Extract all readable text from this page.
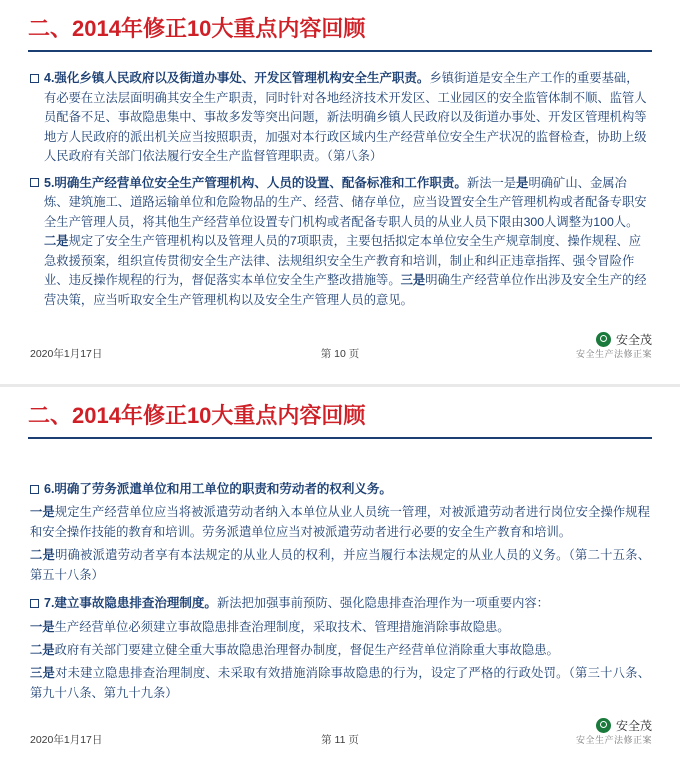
二、2014年修正10大重点内容回顾
4.强化乡镇人民政府以及街道办事处、开发区管理机构安全生产职责。乡镇街道是安全生产工作的重要基础，有必要在立法层面明确其安全生产职责，同时针对各地经济技术开发区、工业园区的安全监管体制不顺、监管人员配备不足、事故隐患集中、事故多发等突出问题，新法明确乡镇人民政府以及街道办事处、开发区管理机构等地方人民政府的派出机关应当按照职责，加强对本行政区域内生产经营单位安全生产状况的监督检查，协助上级人民政府有关部门依法履行安全生产监督管理职责。（第八条）
5.明确生产经营单位安全生产管理机构、人员的设置、配备标准和工作职责。新法一是是明确矿山、金属冶炼、建筑施工、道路运输单位和危险物品的生产、经营、储存单位，应当设置安全生产管理机构或者配备专职安全生产管理人员，将其他生产经营单位设置专门机构或者配备专职人员的从业人员下限由300人调整为100人。二是规定了安全生产管理机构以及管理人员的7项职责，主要包括拟定本单位安全生产规章制度、操作规程、应急救援预案，组织宣传贯彻安全生产法律、法规组织安全生产教育和培训，制止和纠正违章指挥、强令冒险作业、违反操作规程的行为，督促落实本单位安全生产整改措施等。三是明确生产经营单位作出涉及安全生产的经营决策，应当听取安全生产管理机构以及安全生产管理人员的意见。
2020年1月17日	第 10 页
安全茂
安全生产法修正案
二、2014年修正10大重点内容回顾
6.明确了劳务派遣单位和用工单位的职责和劳动者的权利义务。
一是规定生产经营单位应当将被派遣劳动者纳入本单位从业人员统一管理，对被派遣劳动者进行岗位安全操作规程和安全操作技能的教育和培训。劳务派遣单位应当对被派遣劳动者进行必要的安全生产教育和培训。
二是明确被派遣劳动者享有本法规定的从业人员的权利，并应当履行本法规定的从业人员的义务。（第二十五条、第五十八条）
7.建立事故隐患排查治理制度。新法把加强事前预防、强化隐患排查治理作为一项重要内容：
一是生产经营单位必须建立事故隐患排查治理制度，采取技术、管理措施消除事故隐患。
二是政府有关部门要建立健全重大事故隐患治理督办制度，督促生产经营单位消除重大事故隐患。
三是对未建立隐患排查治理制度、未采取有效措施消除事故隐患的行为，设定了严格的行政处罚。（第三十八条、第九十八条、第九十九条）
2020年1月17日	第 11 页
安全茂
安全生产法修正案
